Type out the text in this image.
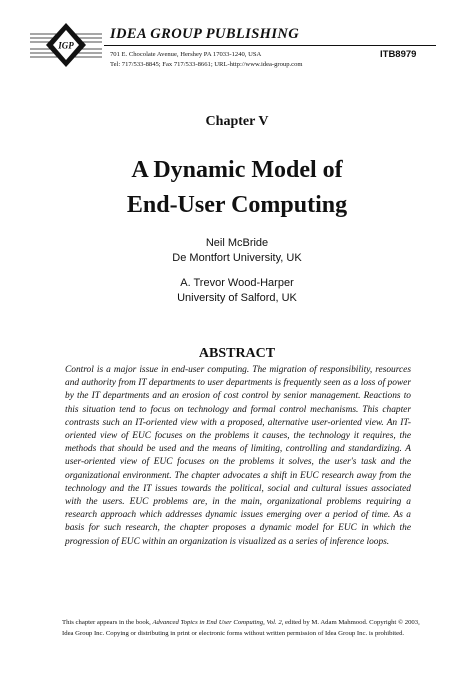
IGP
IDEA GROUP PUBLISHING
701 E. Chocolate Avenue, Hershey PA 17033-1240, USA
Tel: 717/533-8845; Fax 717/533-8661; URL-http://www.idea-group.com
ITB8979
Chapter V
A Dynamic Model of
End-User Computing
Neil McBride
De Montfort University, UK
A. Trevor Wood-Harper
University of Salford, UK
ABSTRACT

Control is a major issue in end-user computing. The migration of responsibility, resources and authority from IT departments to user departments is frequently seen as a loss of power by the IT departments and an erosion of cost control by senior management. Reactions to this situation tend to focus on technology and formal control mechanisms. This chapter contrasts such an IT-oriented view with a proposed, alternative user-oriented view. An IT-oriented view of EUC focuses on the problems it causes, the technology it requires, the methods that should be used and the means of limiting, controlling and standardizing. A user-oriented view of EUC focuses on the problems it solves, the user's task and the organizational environment. The chapter advocates a shift in EUC research away from the technology and the IT issues towards the political, social and cultural issues associated with the users. EUC problems are, in the main, organizational problems requiring a research approach which addresses dynamic issues emerging over a period of time. As a basis for such research, the chapter proposes a dynamic model for EUC in which the progression of EUC within an organization is visualized as a series of inference loops.

This chapter appears in the book, Advanced Topics in End User Computing, Vol. 2, edited by M. Adam Mahmood. Copyright © 2003, Idea Group Inc. Copying or distributing in print or electronic forms without written permission of Idea Group Inc. is prohibited.
